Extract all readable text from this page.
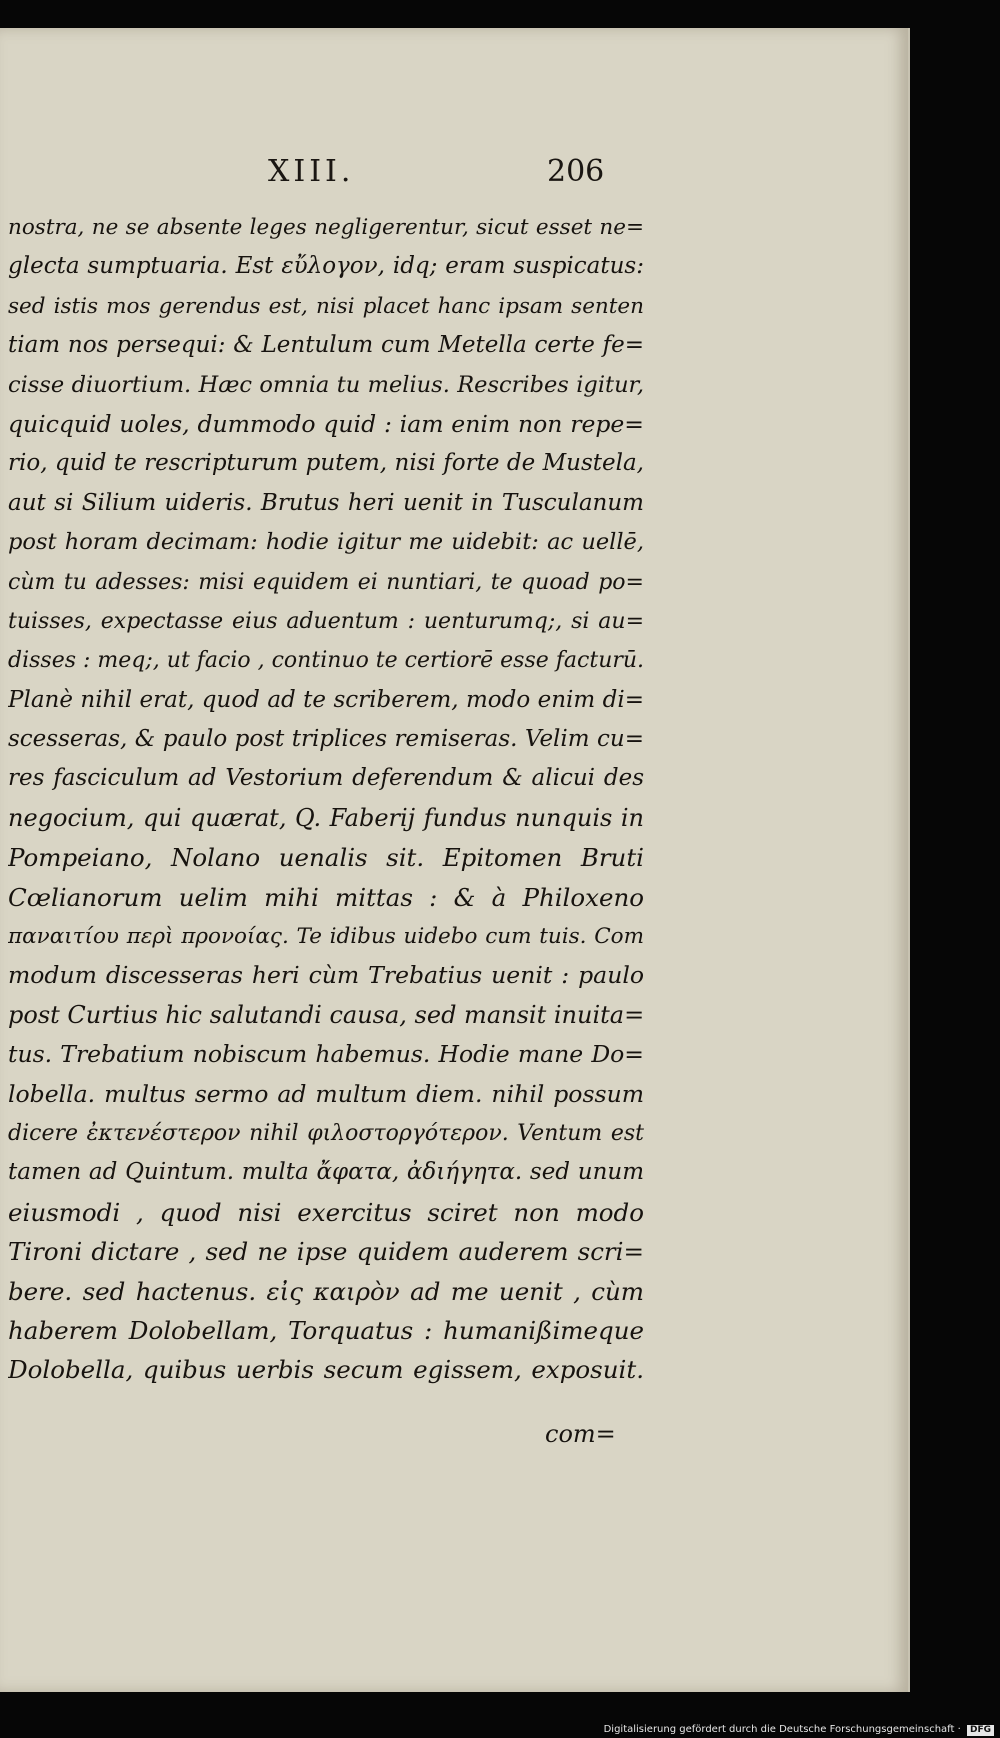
XIII.	206
nostra, ne se absente leges negligerentur, sicut esset ne=
glecta sumptuaria. Est εὔλογον, idq; eram suspicatus:
sed istis mos gerendus est, nisi placet hanc ipsam senten
tiam nos persequi: & Lentulum cum Metella certe fe=
cisse diuortium. Hæc omnia tu melius. Rescribes igitur,
quicquid uoles, dummodo quid : iam enim non repe=
rio, quid te rescripturum putem, nisi forte de Mustela,
aut si Silium uideris. Brutus heri uenit in Tusculanum
post horam decimam: hodie igitur me uidebit: ac uellē,
cùm tu adesses: misi equidem ei nuntiari, te quoad po=
tuisses, expectasse eius aduentum : uenturumq;, si au=
disses : meq;, ut facio , continuo te certiorē esse facturū.
Planè nihil erat, quod ad te scriberem, modo enim di=
scesseras, & paulo post triplices remiseras. Velim cu=
res fasciculum ad Vestorium deferendum & alicui des
negocium, qui quærat, Q. Faberij fundus nunquis in
Pompeiano, Nolano uenalis sit. Epitomen Bruti
Cœlianorum uelim mihi mittas : & à Philoxeno
παναιτίου περὶ προνοίας. Te idibus uidebo cum tuis. Com
modum discesseras heri cùm Trebatius uenit : paulo
post Curtius hic salutandi causa, sed mansit inuita=
tus. Trebatium nobiscum habemus. Hodie mane Do=
lobella. multus sermo ad multum diem. nihil possum
dicere ἐκτενέστερον nihil φιλοστοργότερον. Ventum est
tamen ad Quintum. multa ἄφατα, ἀδιήγητα. sed unum
eiusmodi , quod nisi exercitus sciret non modo
Tironi dictare , sed ne ipse quidem auderem scri=
bere. sed hactenus. εἰς καιρὸν ad me uenit , cùm
haberem Dolobellam, Torquatus : humanißimeque
Dolobella, quibus uerbis secum egissem, exposuit.
com=
Digitalisierung gefördert durch die Deutsche Forschungsgemeinschaft · DFG
